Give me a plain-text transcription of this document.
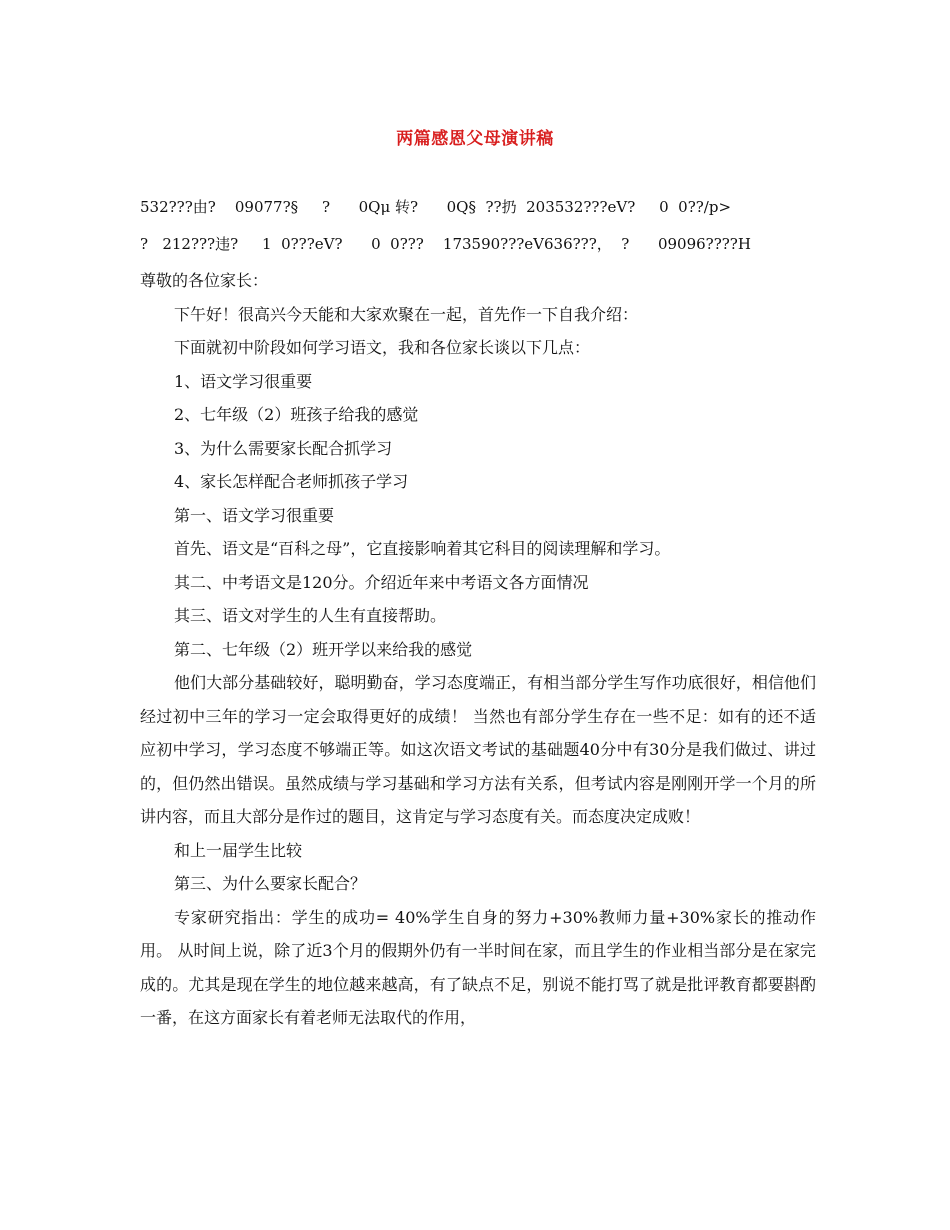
两篇感恩父母演讲稿
532???由?    09077?§     ?      0Qμ 转?      0Q§  ??扔  203532???eV?     0  0??/p>
?   212???违?     1  0???eV?      0  0???    173590???eV636???，  ?      09096????H

尊敬的各位家长：

下午好！很高兴今天能和大家欢聚在一起，首先作一下自我介绍：

下面就初中阶段如何学习语文，我和各位家长谈以下几点：

1、语文学习很重要

2、七年级（2）班孩子给我的感觉

3、为什么需要家长配合抓学习

4、家长怎样配合老师抓孩子学习

第一、语文学习很重要

首先、语文是“百科之母”，它直接影响着其它科目的阅读理解和学习。

其二、中考语文是120分。介绍近年来中考语文各方面情况

其三、语文对学生的人生有直接帮助。

第二、七年级（2）班开学以来给我的感觉

他们大部分基础较好，聪明勤奋，学习态度端正，有相当部分学生写作功底很好，相信他们经过初中三年的学习一定会取得更好的成绩！ 当然也有部分学生存在一些不足：如有的还不适应初中学习，学习态度不够端正等。如这次语文考试的基础题40分中有30分是我们做过、讲过的，但仍然出错误。虽然成绩与学习基础和学习方法有关系，但考试内容是刚刚开学一个月的所讲内容，而且大部分是作过的题目，这肯定与学习态度有关。而态度决定成败！

和上一届学生比较

第三、为什么要家长配合？

专家研究指出：学生的成功= 40%学生自身的努力+30%教师力量+30%家长的推动作用。 从时间上说，除了近3个月的假期外仍有一半时间在家，而且学生的作业相当部分是在家完成的。尤其是现在学生的地位越来越高，有了缺点不足，别说不能打骂了就是批评教育都要斟酌一番，在这方面家长有着老师无法取代的作用，
